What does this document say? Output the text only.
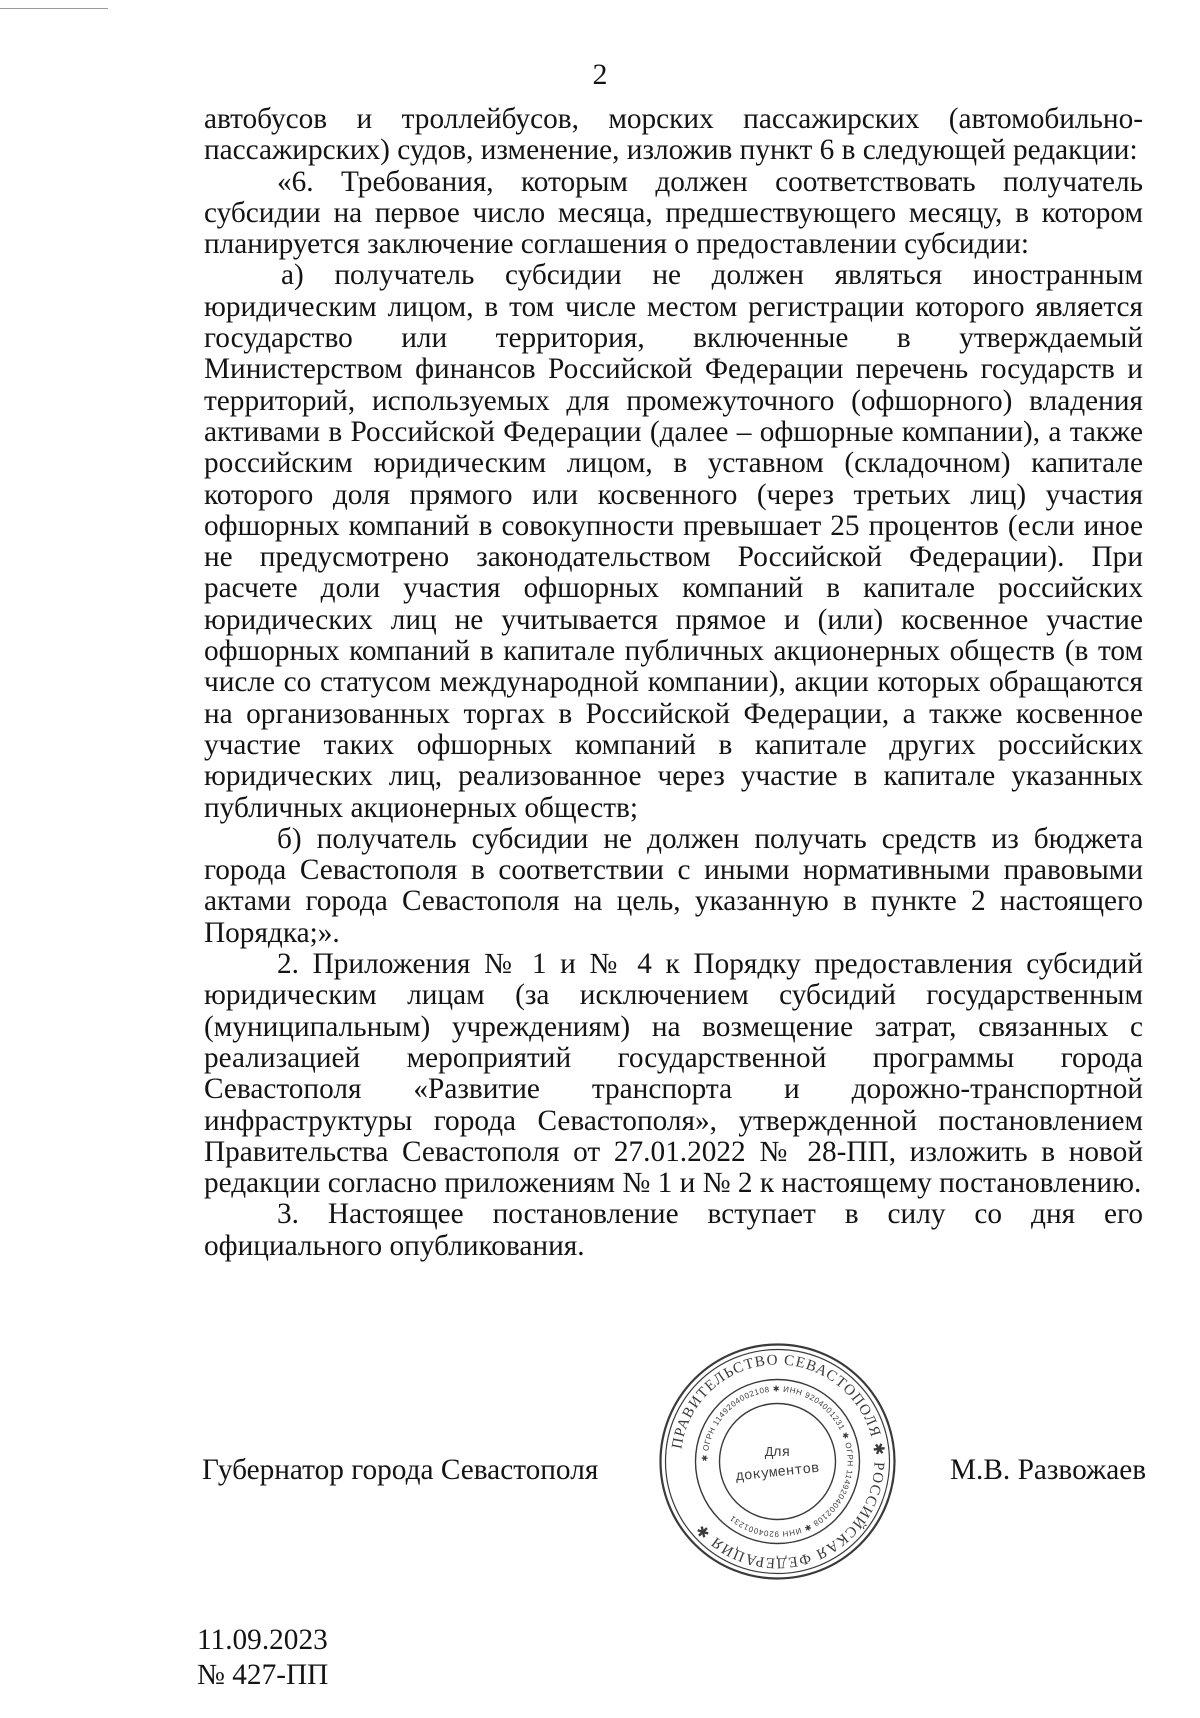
2

автобусов и троллейбусов, морских пассажирских (автомобильно-пассажирских) судов, изменение, изложив пункт 6 в следующей редакции:

«6. Требования, которым должен соответствовать получатель субсидии на первое число месяца, предшествующего месяцу, в котором планируется заключение соглашения о предоставлении субсидии:

а) получатель субсидии не должен являться иностранным юридическим лицом, в том числе местом регистрации которого является государство или территория, включенные в утверждаемый Министерством финансов Российской Федерации перечень государств и территорий, используемых для промежуточного (офшорного) владения активами в Российской Федерации (далее – офшорные компании), а также российским юридическим лицом, в уставном (складочном) капитале которого доля прямого или косвенного (через третьих лиц) участия офшорных компаний в совокупности превышает 25 процентов (если иное не предусмотрено законодательством Российской Федерации). При расчете доли участия офшорных компаний в капитале российских юридических лиц не учитывается прямое и (или) косвенное участие офшорных компаний в капитале публичных акционерных обществ (в том числе со статусом международной компании), акции которых обращаются на организованных торгах в Российской Федерации, а также косвенное участие таких офшорных компаний в капитале других российских юридических лиц, реализованное через участие в капитале указанных публичных акционерных обществ;

б) получатель субсидии не должен получать средств из бюджета города Севастополя в соответствии с иными нормативными правовыми актами города Севастополя на цель, указанную в пункте 2 настоящего Порядка;».

2. Приложения № 1 и № 4 к Порядку предоставления субсидий юридическим лицам (за исключением субсидий государственным (муниципальным) учреждениям) на возмещение затрат, связанных с реализацией мероприятий государственной программы города Севастополя «Развитие транспорта и дорожно-транспортной инфраструктуры города Севастополя», утвержденной постановлением Правительства Севастополя от 27.01.2022 № 28-ПП, изложить в новой редакции согласно приложениям № 1 и № 2 к настоящему постановлению.

3. Настоящее постановление вступает в силу со дня его официального опубликования.

Губернатор города Севастополя
ПРАВИТЕЛЬСТВО СЕВАСТОПОЛЯ ✱ РОССИЙСКАЯ ФЕДЕРАЦИЯ ✱
✱ ОГРН 1149204002108 ✱ ИНН 9204001231 ✱ ОГРН 1149204002108 ✱ ИНН 9204001231
Для
документов	М.В. Развожаев
11.09.2023
№ 427-ПП
